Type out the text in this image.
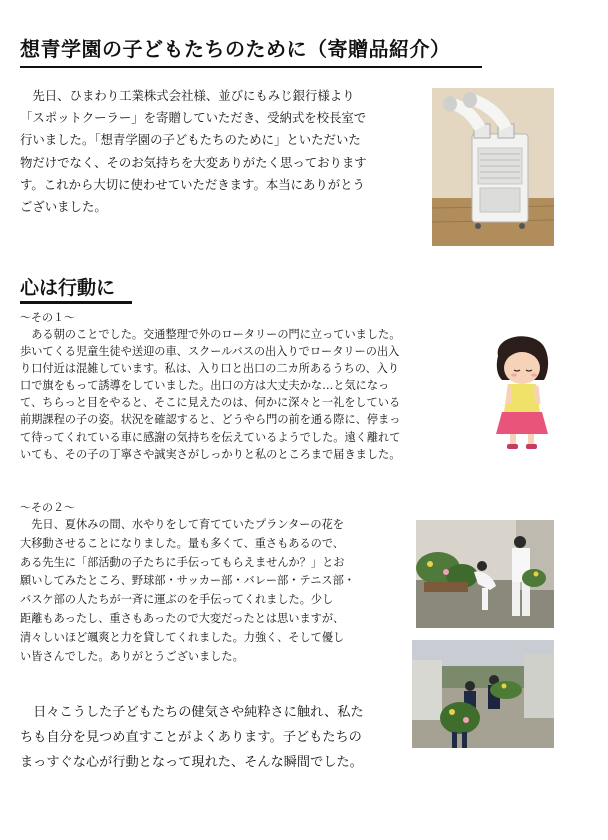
想青学園の子どもたちのために（寄贈品紹介）
　先日、ひまわり工業株式会社様、並びにもみじ銀行様より
「スポットクーラー」を寄贈していただき、受納式を校長室で
行いました。「想青学園の子どもたちのために」といただいた
物だけでなく、そのお気持ちを大変ありがたく思っております
す。これから大切に使わせていただきます。本当にありがとう
ございました。
心は行動に
～その１～
　ある朝のことでした。交通整理で外のロータリーの門に立っていました。
歩いてくる児童生徒や送迎の車、スクールバスの出入りでロータリーの出入
り口付近は混雑しています。私は、入り口と出口の二カ所あるうちの、入り
口で旗をもって誘導をしていました。出口の方は大丈夫かな…と気になっ
て、ちらっと目をやると、そこに見えたのは、何かに深々と一礼をしている
前期課程の子の姿。状況を確認すると、どうやら門の前を通る際に、停まっ
て待ってくれている車に感謝の気持ちを伝えているようでした。遠く離れて
いても、その子の丁寧さや誠実さがしっかりと私のところまで届きました。
～その２～
　先日、夏休みの間、水やりをして育てていたプランターの花を
大移動させることになりました。量も多くて、重さもあるので、
ある先生に「部活動の子たちに手伝ってもらえませんか？」とお
願いしてみたところ、野球部・サッカー部・バレー部・テニス部・
バスケ部の人たちが一斉に運ぶのを手伝ってくれました。少し
距離もあったし、重さもあったので大変だったとは思いますが、
清々しいほど颯爽と力を貸してくれました。力強く、そして優し
い皆さんでした。ありがとうございました。
　日々こうした子どもたちの健気さや純粋さに触れ、私た
ちも自分を見つめ直すことがよくあります。子どもたちの
まっすぐな心が行動となって現れた、そんな瞬間でした。
